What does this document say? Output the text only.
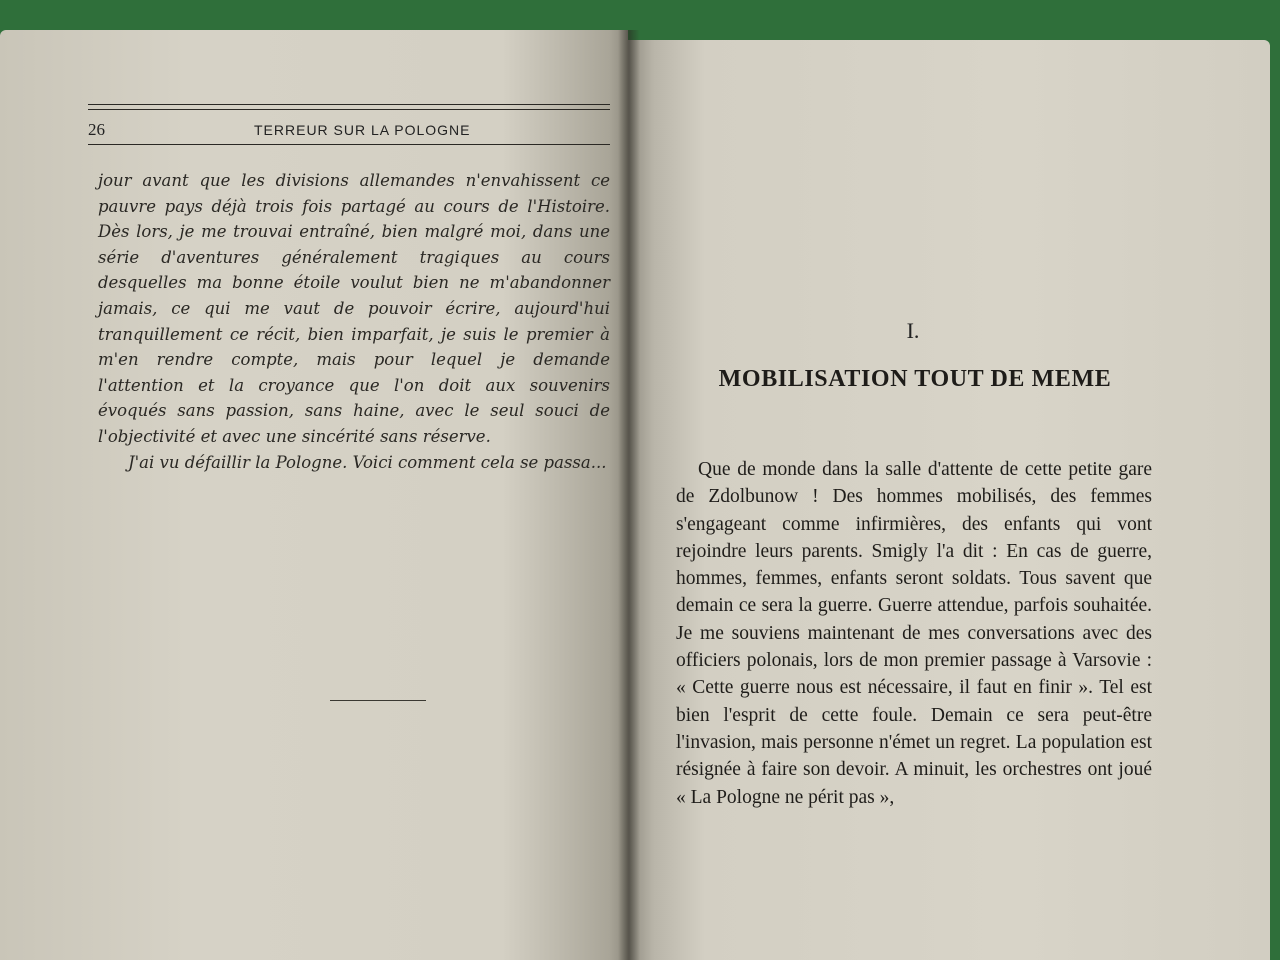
26	TERREUR SUR LA POLOGNE

jour avant que les divisions allemandes n'envahissent ce pauvre pays déjà trois fois partagé au cours de l'Histoire. Dès lors, je me trouvai entraîné, bien malgré moi, dans une série d'aventures généralement tragiques au cours desquelles ma bonne étoile voulut bien ne m'abandonner jamais, ce qui me vaut de pouvoir écrire, aujourd'hui tranquillement ce récit, bien imparfait, je suis le premier à m'en rendre compte, mais pour lequel je demande l'attention et la croyance que l'on doit aux souvenirs évoqués sans passion, sans haine, avec le seul souci de l'objectivité et avec une sincérité sans réserve.

J'ai vu défaillir la Pologne. Voici comment cela se passa...

I.
MOBILISATION TOUT DE MEME

Que de monde dans la salle d'attente de cette petite gare de Zdolbunow ! Des hommes mobilisés, des femmes s'engageant comme infirmières, des enfants qui vont rejoindre leurs parents. Smigly l'a dit : En cas de guerre, hommes, femmes, enfants seront soldats. Tous savent que demain ce sera la guerre. Guerre attendue, parfois souhaitée. Je me souviens maintenant de mes conversations avec des officiers polonais, lors de mon premier passage à Varsovie : « Cette guerre nous est nécessaire, il faut en finir ». Tel est bien l'esprit de cette foule. Demain ce sera peut-être l'invasion, mais personne n'émet un regret. La population est résignée à faire son devoir. A minuit, les orchestres ont joué « La Pologne ne périt pas »,
